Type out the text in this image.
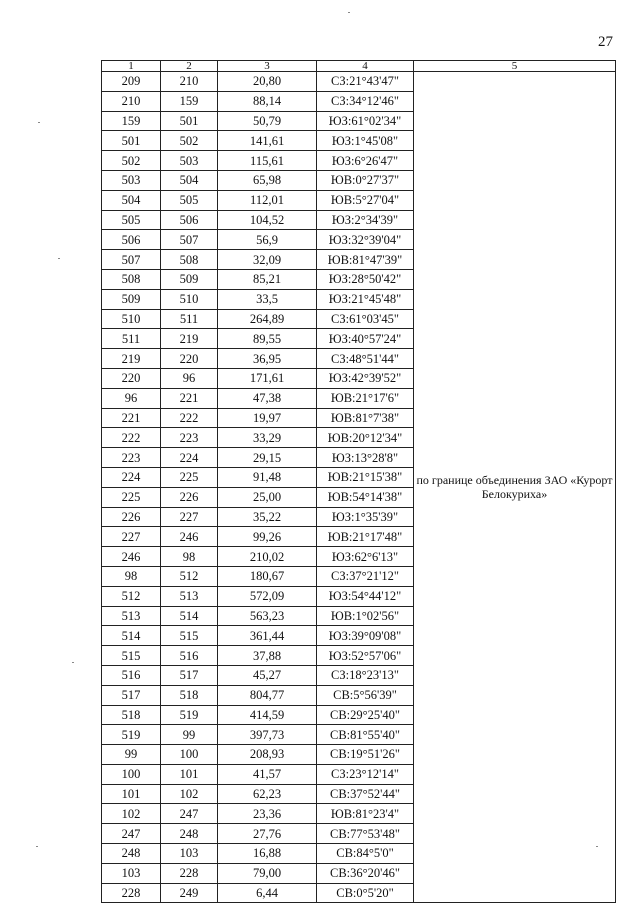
27
1	2	3	4	5
209	210	20,80	СЗ:21°43'47"	по границе объединения ЗАО «Курорт Белокуриха»
210	159	88,14	СЗ:34°12'46"	
159	501	50,79	ЮЗ:61°02'34"	
501	502	141,61	ЮЗ:1°45'08"	
502	503	115,61	ЮЗ:6°26'47"	
503	504	65,98	ЮВ:0°27'37"	
504	505	112,01	ЮВ:5°27'04"	
505	506	104,52	ЮЗ:2°34'39"	
506	507	56,9	ЮЗ:32°39'04"	
507	508	32,09	ЮВ:81°47'39"	
508	509	85,21	ЮЗ:28°50'42"	
509	510	33,5	ЮЗ:21°45'48"	
510	511	264,89	СЗ:61°03'45"	
511	219	89,55	ЮЗ:40°57'24"	
219	220	36,95	СЗ:48°51'44"	
220	96	171,61	ЮЗ:42°39'52"	
96	221	47,38	ЮВ:21°17'6"	
221	222	19,97	ЮВ:81°7'38"	
222	223	33,29	ЮВ:20°12'34"	
223	224	29,15	ЮЗ:13°28'8"	
224	225	91,48	ЮВ:21°15'38"	
225	226	25,00	ЮВ:54°14'38"	
226	227	35,22	ЮЗ:1°35'39"	
227	246	99,26	ЮВ:21°17'48"	
246	98	210,02	ЮЗ:62°6'13"	
98	512	180,67	СЗ:37°21'12"	
512	513	572,09	ЮЗ:54°44'12"	
513	514	563,23	ЮВ:1°02'56"	
514	515	361,44	ЮЗ:39°09'08"	
515	516	37,88	ЮЗ:52°57'06"	
516	517	45,27	СЗ:18°23'13"	
517	518	804,77	СВ:5°56'39"	
518	519	414,59	СВ:29°25'40"	
519	99	397,73	СВ:81°55'40"	
99	100	208,93	СВ:19°51'26"	
100	101	41,57	СЗ:23°12'14"	
101	102	62,23	СВ:37°52'44"	
102	247	23,36	ЮВ:81°23'4"	
247	248	27,76	СВ:77°53'48"	
248	103	16,88	СВ:84°5'0"	
103	228	79,00	СВ:36°20'46"	
228	249	6,44	СВ:0°5'20"	
